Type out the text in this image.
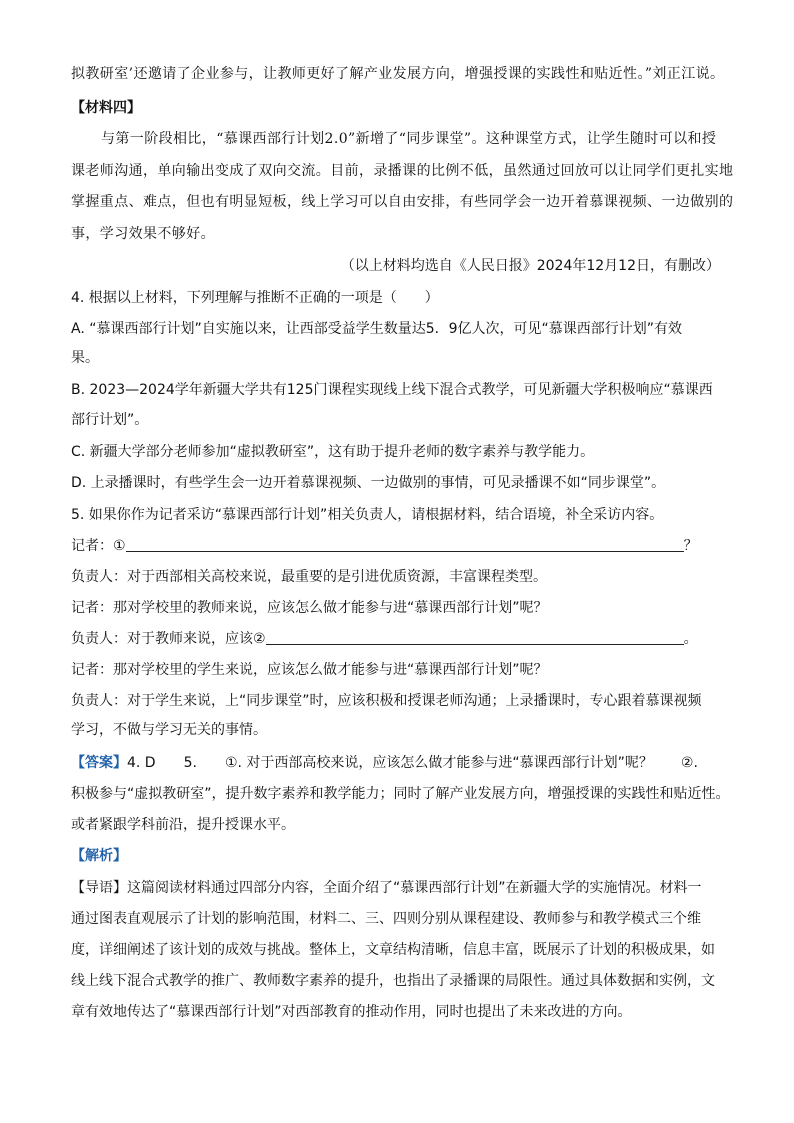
拟教研室’还邀请了企业参与，让教师更好了解产业发展方向，增强授课的实践性和贴近性。”刘正江说。
【材料四】
与第一阶段相比，“慕课西部行计划2.0”新增了“同步课堂”。这种课堂方式，让学生随时可以和授
课老师沟通，单向输出变成了双向交流。目前，录播课的比例不低，虽然通过回放可以让同学们更扎实地
掌握重点、难点，但也有明显短板，线上学习可以自由安排，有些同学会一边开着慕课视频、一边做别的
事，学习效果不够好。
（以上材料均选自《人民日报》2024年12月12日，有删改）
4. 根据以上材料，下列理解与推断不正确的一项是（　　）
A. “慕课西部行计划”自实施以来，让西部受益学生数量达5．9亿人次，可见“慕课西部行计划”有效
果。
B. 2023—2024学年新疆大学共有125门课程实现线上线下混合式教学，可见新疆大学积极响应“慕课西
部行计划”。
C. 新疆大学部分老师参加“虚拟教研室”，这有助于提升老师的数字素养与教学能力。
D. 上录播课时，有些学生会一边开着慕课视频、一边做别的事情，可见录播课不如“同步课堂”。
5. 如果你作为记者采访“慕课西部行计划”相关负责人，请根据材料，结合语境，补全采访内容。
记者：①	？
负责人：对于西部相关高校来说，最重要的是引进优质资源，丰富课程类型。
记者：那对学校里的教师来说，应该怎么做才能参与进“慕课西部行计划”呢？
负责人：对于教师来说，应该②	。
记者：那对学校里的学生来说，应该怎么做才能参与进“慕课西部行计划”呢？
负责人：对于学生来说，上“同步课堂”时，应该积极和授课老师沟通；上录播课时，专心跟着慕课视频
学习，不做与学习无关的事情。
【答案】4. D　　5.　　①. 对于西部高校来说，应该怎么做才能参与进“慕课西部行计划”呢？　　②.
积极参与“虚拟教研室”，提升数字素养和教学能力；同时了解产业发展方向，增强授课的实践性和贴近性。
或者紧跟学科前沿，提升授课水平。
【解析】
【导语】这篇阅读材料通过四部分内容，全面介绍了“慕课西部行计划”在新疆大学的实施情况。材料一
通过图表直观展示了计划的影响范围，材料二、三、四则分别从课程建设、教师参与和教学模式三个维
度，详细阐述了该计划的成效与挑战。整体上，文章结构清晰，信息丰富，既展示了计划的积极成果，如
线上线下混合式教学的推广、教师数字素养的提升，也指出了录播课的局限性。通过具体数据和实例，文
章有效地传达了“慕课西部行计划”对西部教育的推动作用，同时也提出了未来改进的方向。
